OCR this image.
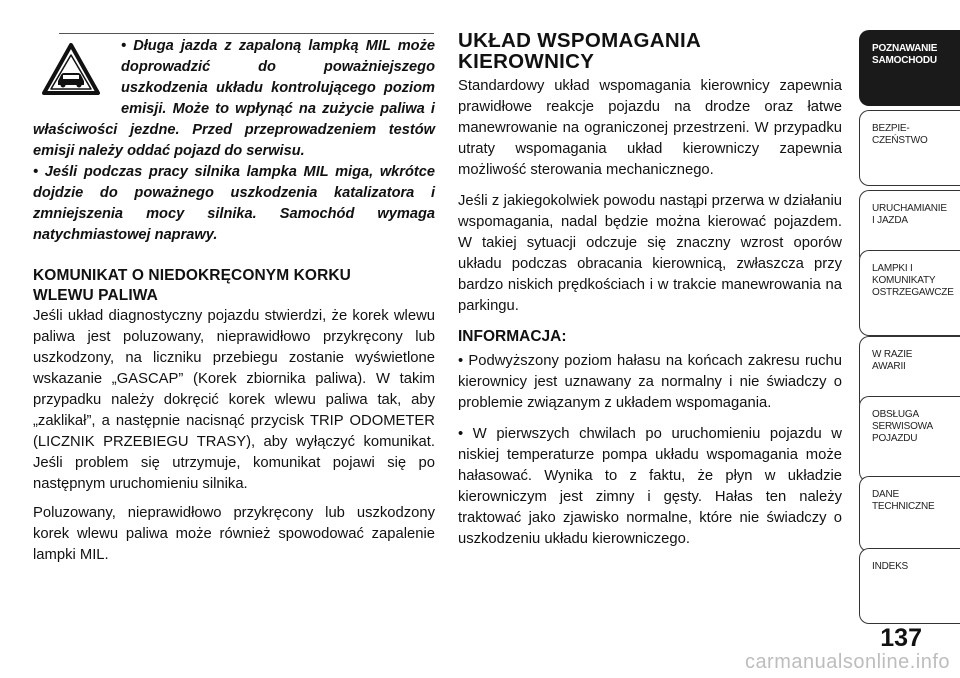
• Długa jazda z zapaloną lampką MIL może doprowadzić do poważniejszego uszkodzenia układu kontrolującego poziom emisji. Może to wpłynąć na zużycie paliwa i właściwości jezdne. Przed przeprowadzeniem testów emisji należy oddać pojazd do serwisu.

• Jeśli podczas pracy silnika lampka MIL miga, wkrótce dojdzie do poważnego uszkodzenia katalizatora i zmniejszenia mocy silnika. Samochód wymaga natychmiastowej naprawy.

KOMUNIKAT O NIEDOKRĘCONYM KORKU
WLEWU PALIWA

Jeśli układ diagnostyczny pojazdu stwierdzi, że korek wlewu paliwa jest poluzowany, nieprawidłowo przykręcony lub uszkodzony, na liczniku przebiegu zostanie wyświetlone wskazanie „GASCAP” (Korek zbiornika paliwa). W takim przypadku należy dokręcić korek wlewu paliwa tak, aby „zaklikał”, a następnie nacisnąć przycisk TRIP ODOMETER (LICZNIK PRZEBIEGU TRASY), aby wyłączyć komunikat. Jeśli problem się utrzymuje, komunikat pojawi się po następnym uruchomieniu silnika.

Poluzowany, nieprawidłowo przykręcony lub uszkodzony korek wlewu paliwa może również spowodować zapalenie lampki MIL.

UKŁAD WSPOMAGANIA
KIEROWNICY

Standardowy układ wspomagania kierownicy zapewnia prawidłowe reakcje pojazdu na drodze oraz łatwe manewrowanie na ograniczonej przestrzeni. W przypadku utraty wspomagania układ kierowniczy zapewnia możliwość sterowania mechanicznego.

Jeśli z jakiegokolwiek powodu nastąpi przerwa w działaniu wspomagania, nadal będzie można kierować pojazdem. W takiej sytuacji odczuje się znaczny wzrost oporów układu podczas obracania kierownicą, zwłaszcza przy bardzo niskich prędkościach i w trakcie manewrowania na parkingu.

INFORMACJA:

• Podwyższony poziom hałasu na końcach zakresu ruchu kierownicy jest uznawany za normalny i nie świadczy o problemie związanym z układem wspomagania.

• W pierwszych chwilach po uruchomieniu pojazdu w niskiej temperaturze pompa układu wspomagania może hałasować. Wynika to z faktu, że płyn w układzie kierowniczym jest zimny i gęsty. Hałas ten należy traktować jako zjawisko normalne, które nie świadczy o uszkodzeniu układu kierowniczego.

POZNAWANIE
SAMOCHODU
BEZPIE-
CZEŃSTWO
URUCHAMIANIE
I JAZDA
LAMPKI I
KOMUNIKATY
OSTRZEGAWCZE
W RAZIE
AWARII
OBSŁUGA
SERWISOWA
POJAZDU
DANE
TECHNICZNE
INDEKS
137
carmanualsonline.info
